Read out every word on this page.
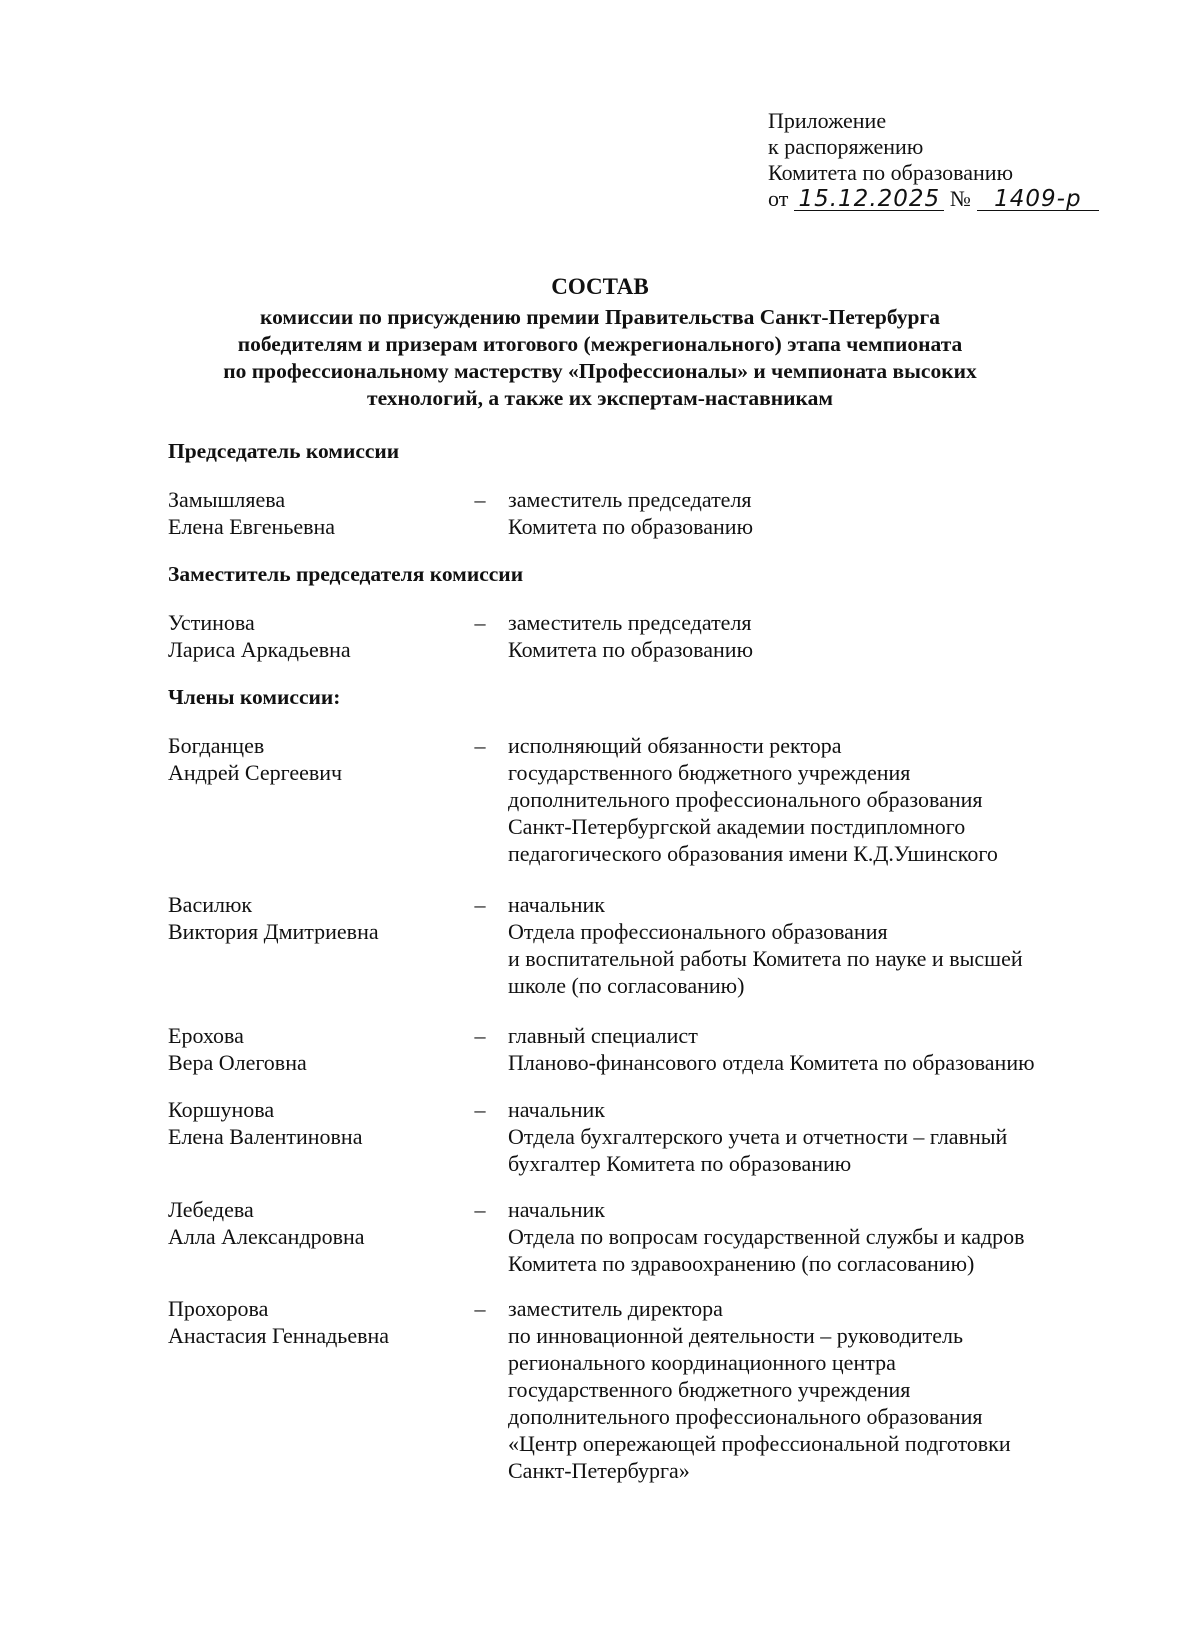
Приложение
к распоряжению
Комитета по образованию
от 15.12.2025 № 1409-р
СОСТАВ
комиссии по присуждению премии Правительства Санкт-Петербурга
победителям и призерам итогового (межрегионального) этапа чемпионата
по профессиональному мастерству «Профессионалы» и чемпионата высоких
технологий, а также их экспертам-наставникам
Председатель комиссии
Замышляева
Елена Евгеньевна
– заместитель председателя
Комитета по образованию
Заместитель председателя комиссии
Устинова
Лариса Аркадьевна
– заместитель председателя
Комитета по образованию
Члены комиссии:
Богданцев
Андрей Сергеевич
– исполняющий обязанности ректора
государственного бюджетного учреждения
дополнительного профессионального образования
Санкт-Петербургской академии постдипломного
педагогического образования имени К.Д.Ушинского
Василюк
Виктория Дмитриевна
– начальник
Отдела профессионального образования
и воспитательной работы Комитета по науке и высшей
школе (по согласованию)
Ерохова
Вера Олеговна
– главный специалист
Планово-финансового отдела Комитета по образованию
Коршунова
Елена Валентиновна
– начальник
Отдела бухгалтерского учета и отчетности – главный
бухгалтер Комитета по образованию
Лебедева
Алла Александровна
– начальник
Отдела по вопросам государственной службы и кадров
Комитета по здравоохранению (по согласованию)
Прохорова
Анастасия Геннадьевна
– заместитель директора
по инновационной деятельности – руководитель
регионального координационного центра
государственного бюджетного учреждения
дополнительного профессионального образования
«Центр опережающей профессиональной подготовки
Санкт-Петербурга»
